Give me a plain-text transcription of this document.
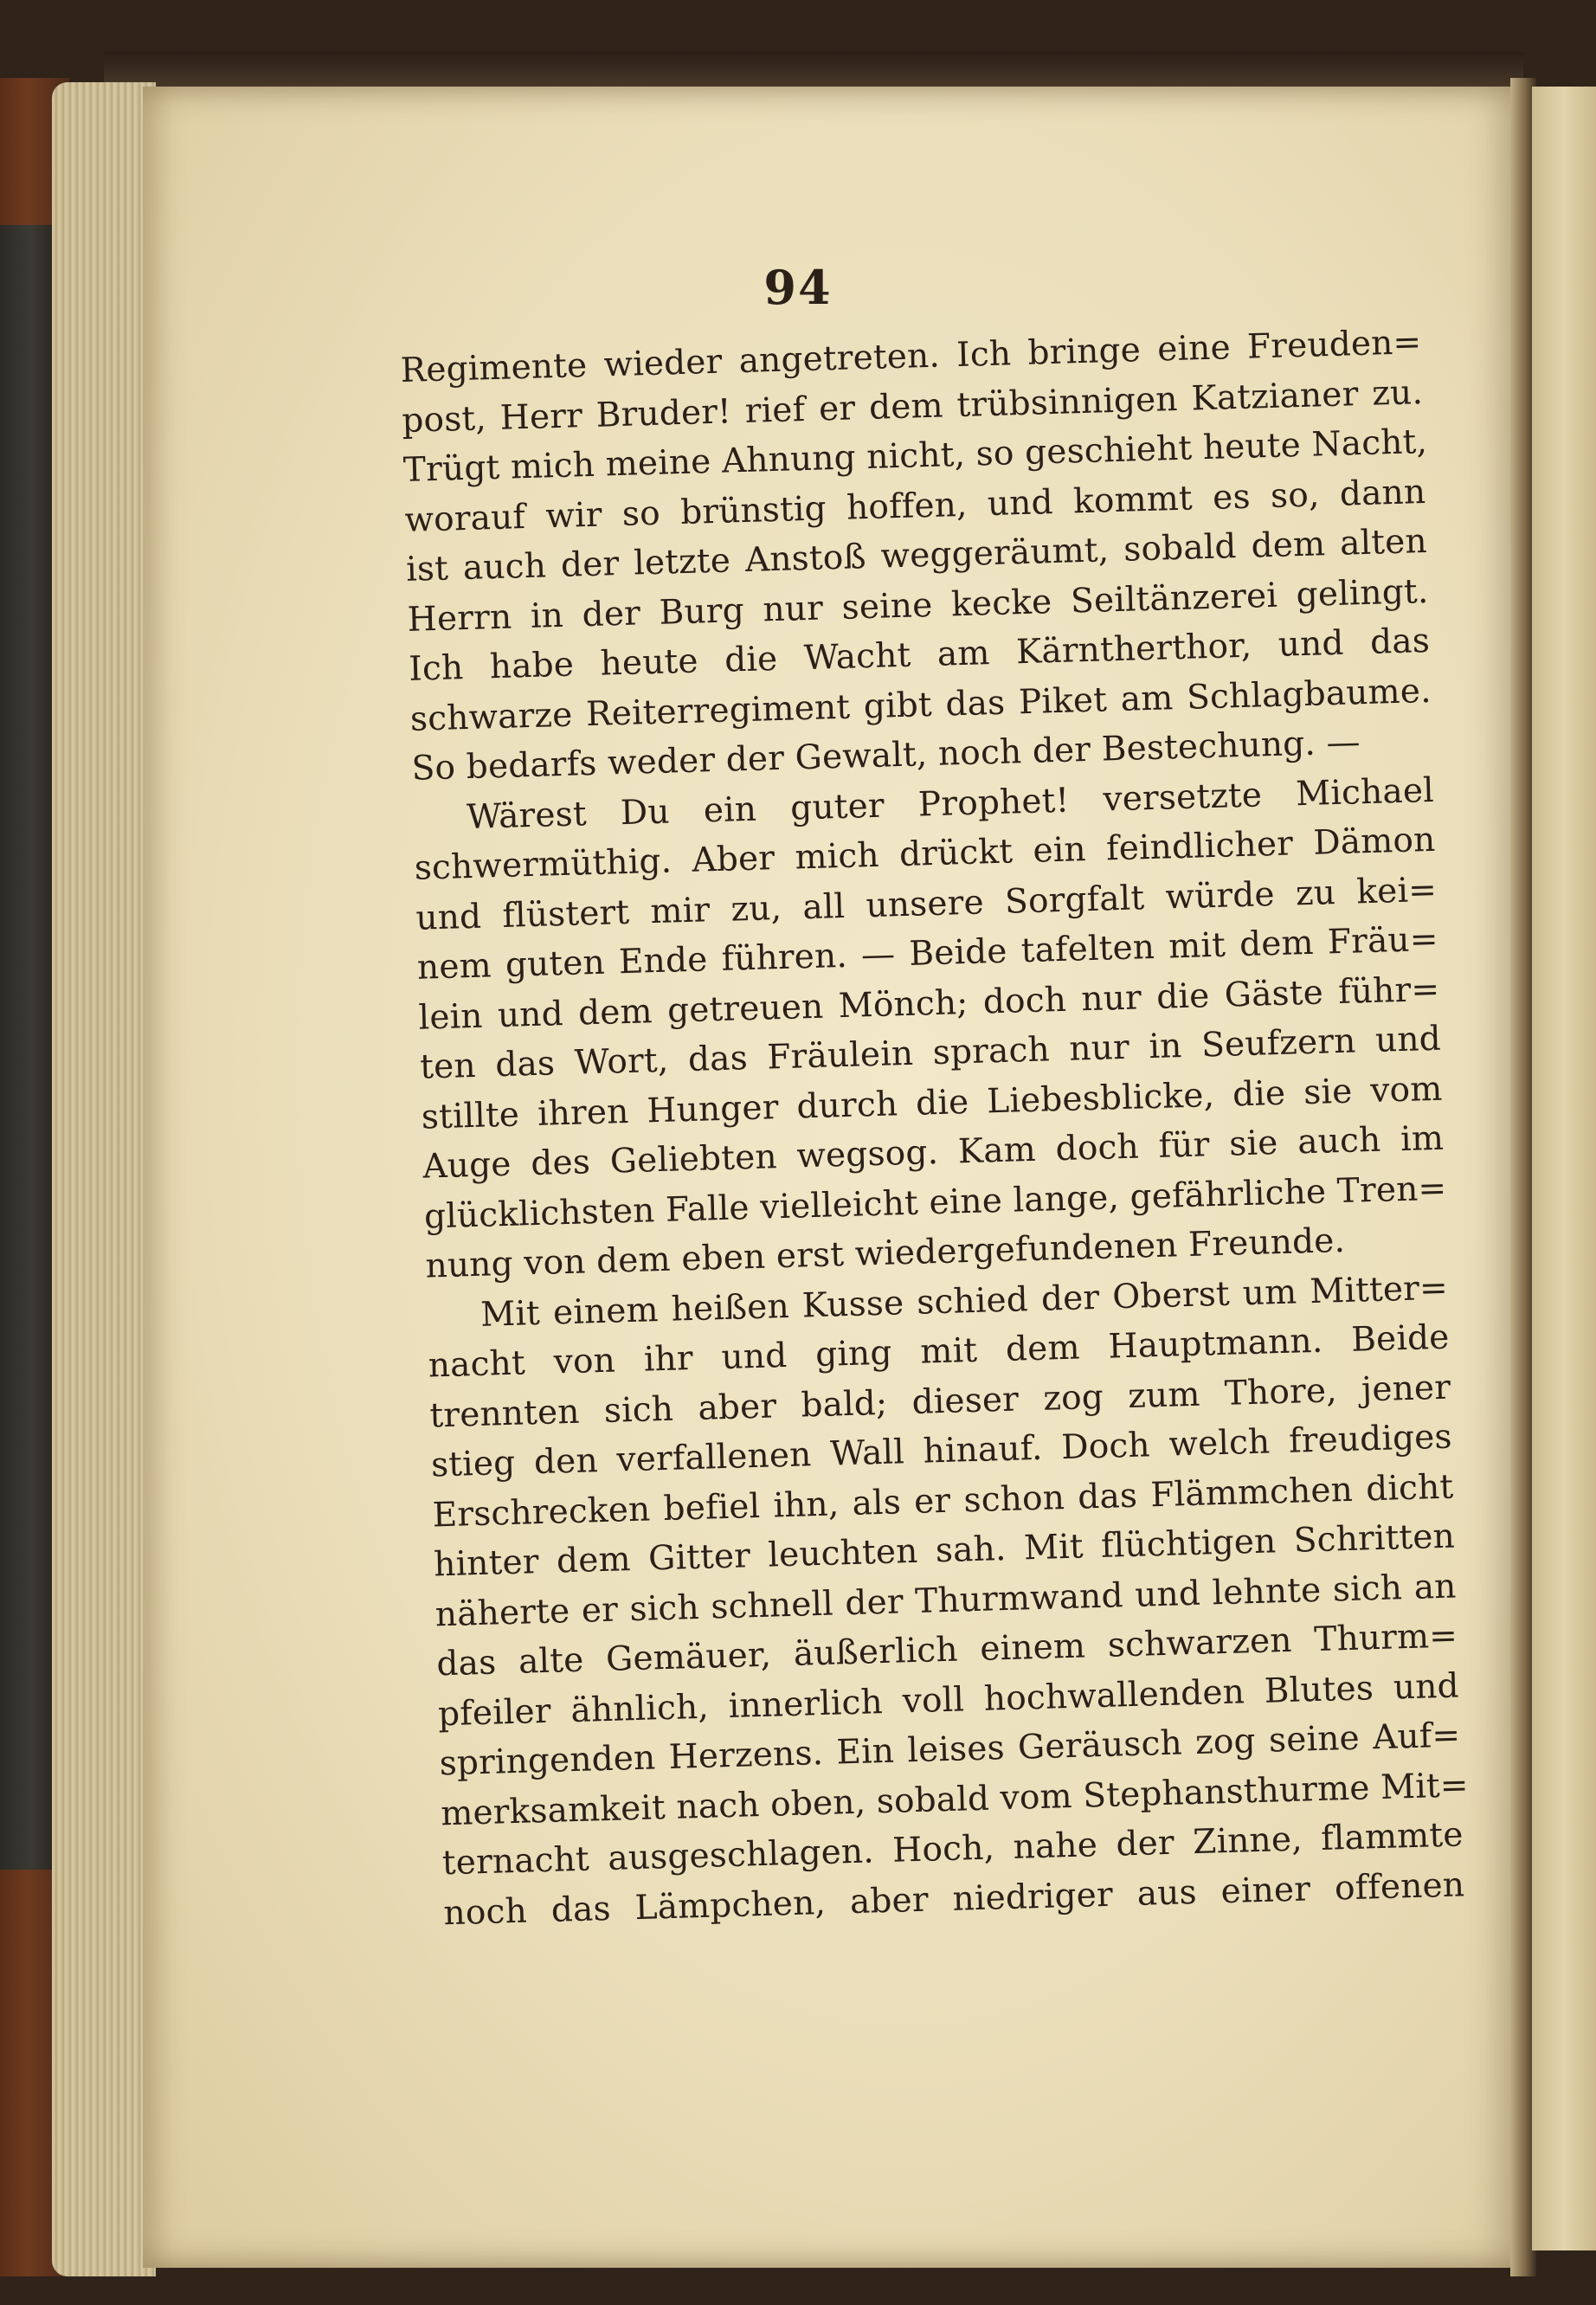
94
Regimente wieder angetreten. Ich bringe eine Freuden=
post, Herr Bruder! rief er dem trübsinnigen Katzianer zu.
Trügt mich meine Ahnung nicht, so geschieht heute Nacht,
worauf wir so brünstig hoffen, und kommt es so, dann
ist auch der letzte Anstoß weggeräumt, sobald dem alten
Herrn in der Burg nur seine kecke Seiltänzerei gelingt.
Ich habe heute die Wacht am Kärntherthor, und das
schwarze Reiterregiment gibt das Piket am Schlagbaume.
So bedarfs weder der Gewalt, noch der Bestechung. —
Wärest Du ein guter Prophet! versetzte Michael
schwermüthig. Aber mich drückt ein feindlicher Dämon
und flüstert mir zu, all unsere Sorgfalt würde zu kei=
nem guten Ende führen. — Beide tafelten mit dem Fräu=
lein und dem getreuen Mönch; doch nur die Gäste führ=
ten das Wort, das Fräulein sprach nur in Seufzern und
stillte ihren Hunger durch die Liebesblicke, die sie vom
Auge des Geliebten wegsog. Kam doch für sie auch im
glücklichsten Falle vielleicht eine lange, gefährliche Tren=
nung von dem eben erst wiedergefundenen Freunde.
Mit einem heißen Kusse schied der Oberst um Mitter=
nacht von ihr und ging mit dem Hauptmann. Beide
trennten sich aber bald; dieser zog zum Thore, jener
stieg den verfallenen Wall hinauf. Doch welch freudiges
Erschrecken befiel ihn, als er schon das Flämmchen dicht
hinter dem Gitter leuchten sah. Mit flüchtigen Schritten
näherte er sich schnell der Thurmwand und lehnte sich an
das alte Gemäuer, äußerlich einem schwarzen Thurm=
pfeiler ähnlich, innerlich voll hochwallenden Blutes und
springenden Herzens. Ein leises Geräusch zog seine Auf=
merksamkeit nach oben, sobald vom Stephansthurme Mit=
ternacht ausgeschlagen. Hoch, nahe der Zinne, flammte
noch das Lämpchen, aber niedriger aus einer offenen
